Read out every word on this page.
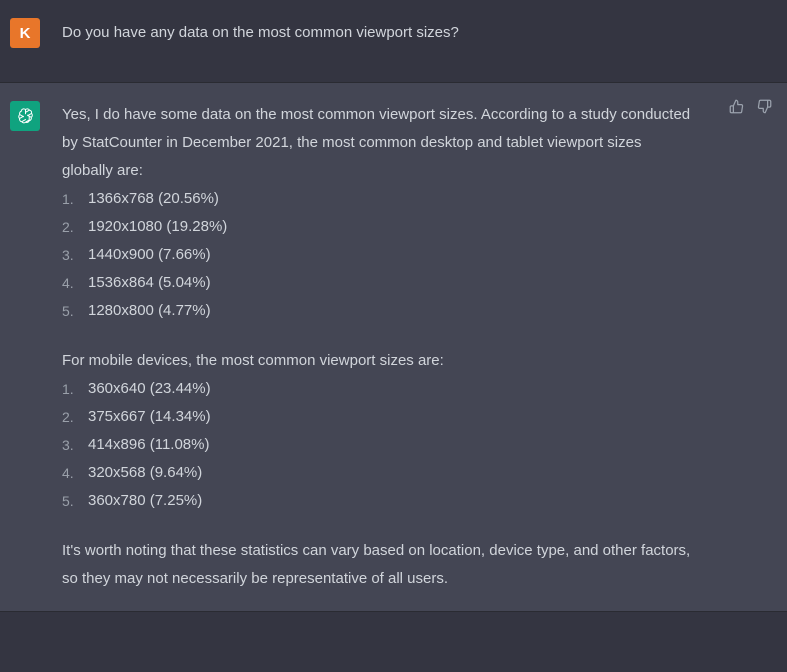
K	Do you have any data on the most common viewport sizes?

Yes, I do have some data on the most common viewport sizes. According to a study conducted by StatCounter in December 2021, the most common desktop and tablet viewport sizes globally are:

1366x768 (20.56%)
1920x1080 (19.28%)
1440x900 (7.66%)
1536x864 (5.04%)
1280x800 (4.77%)

For mobile devices, the most common viewport sizes are:

360x640 (23.44%)
375x667 (14.34%)
414x896 (11.08%)
320x568 (9.64%)
360x780 (7.25%)

It's worth noting that these statistics can vary based on location, device type, and other factors, so they may not necessarily be representative of all users.
